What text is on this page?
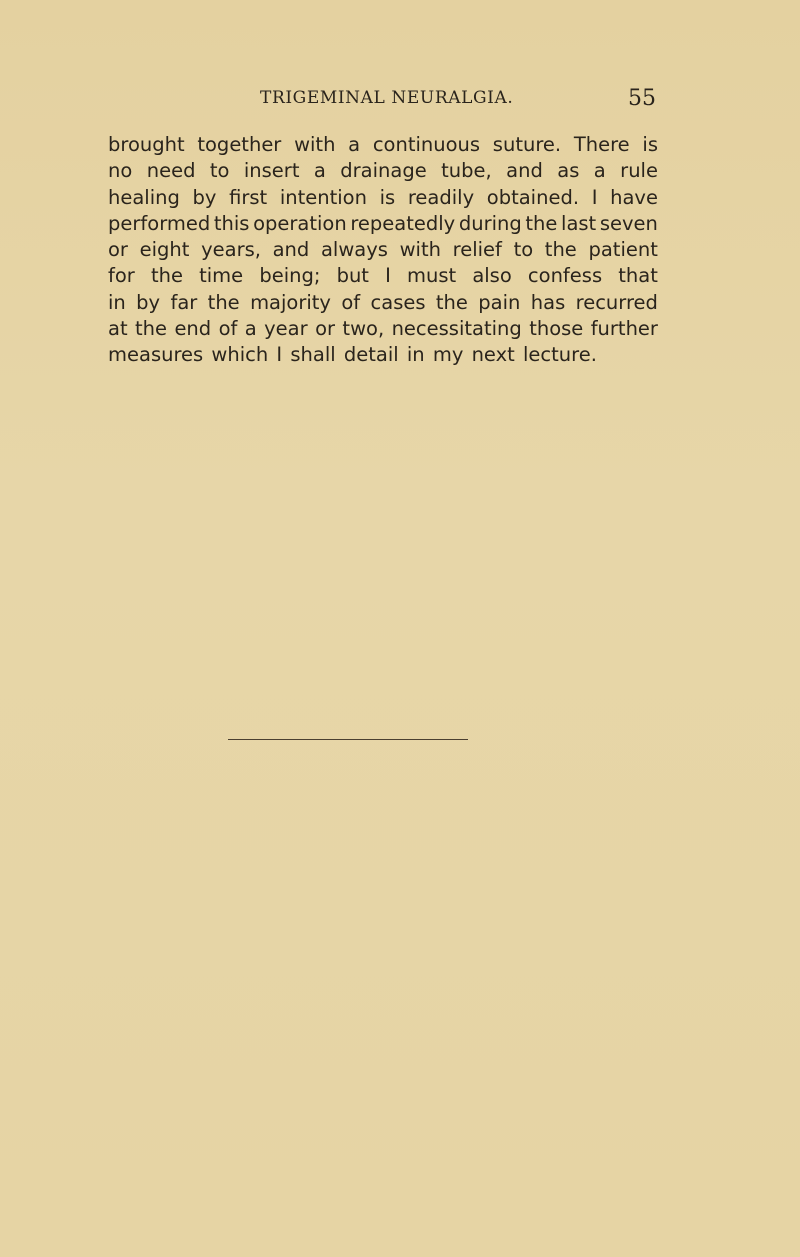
TRIGEMINAL NEURALGIA.	55
brought together with a continuous suture. There is
no need to insert a drainage tube, and as a rule
healing by first intention is readily obtained. I have
performed this operation repeatedly during the last seven
or eight years, and always with relief to the patient
for the time being; but I must also confess that
in by far the majority of cases the pain has recurred
at the end of a year or two, necessitating those further
measures which I shall detail in my next lecture.
